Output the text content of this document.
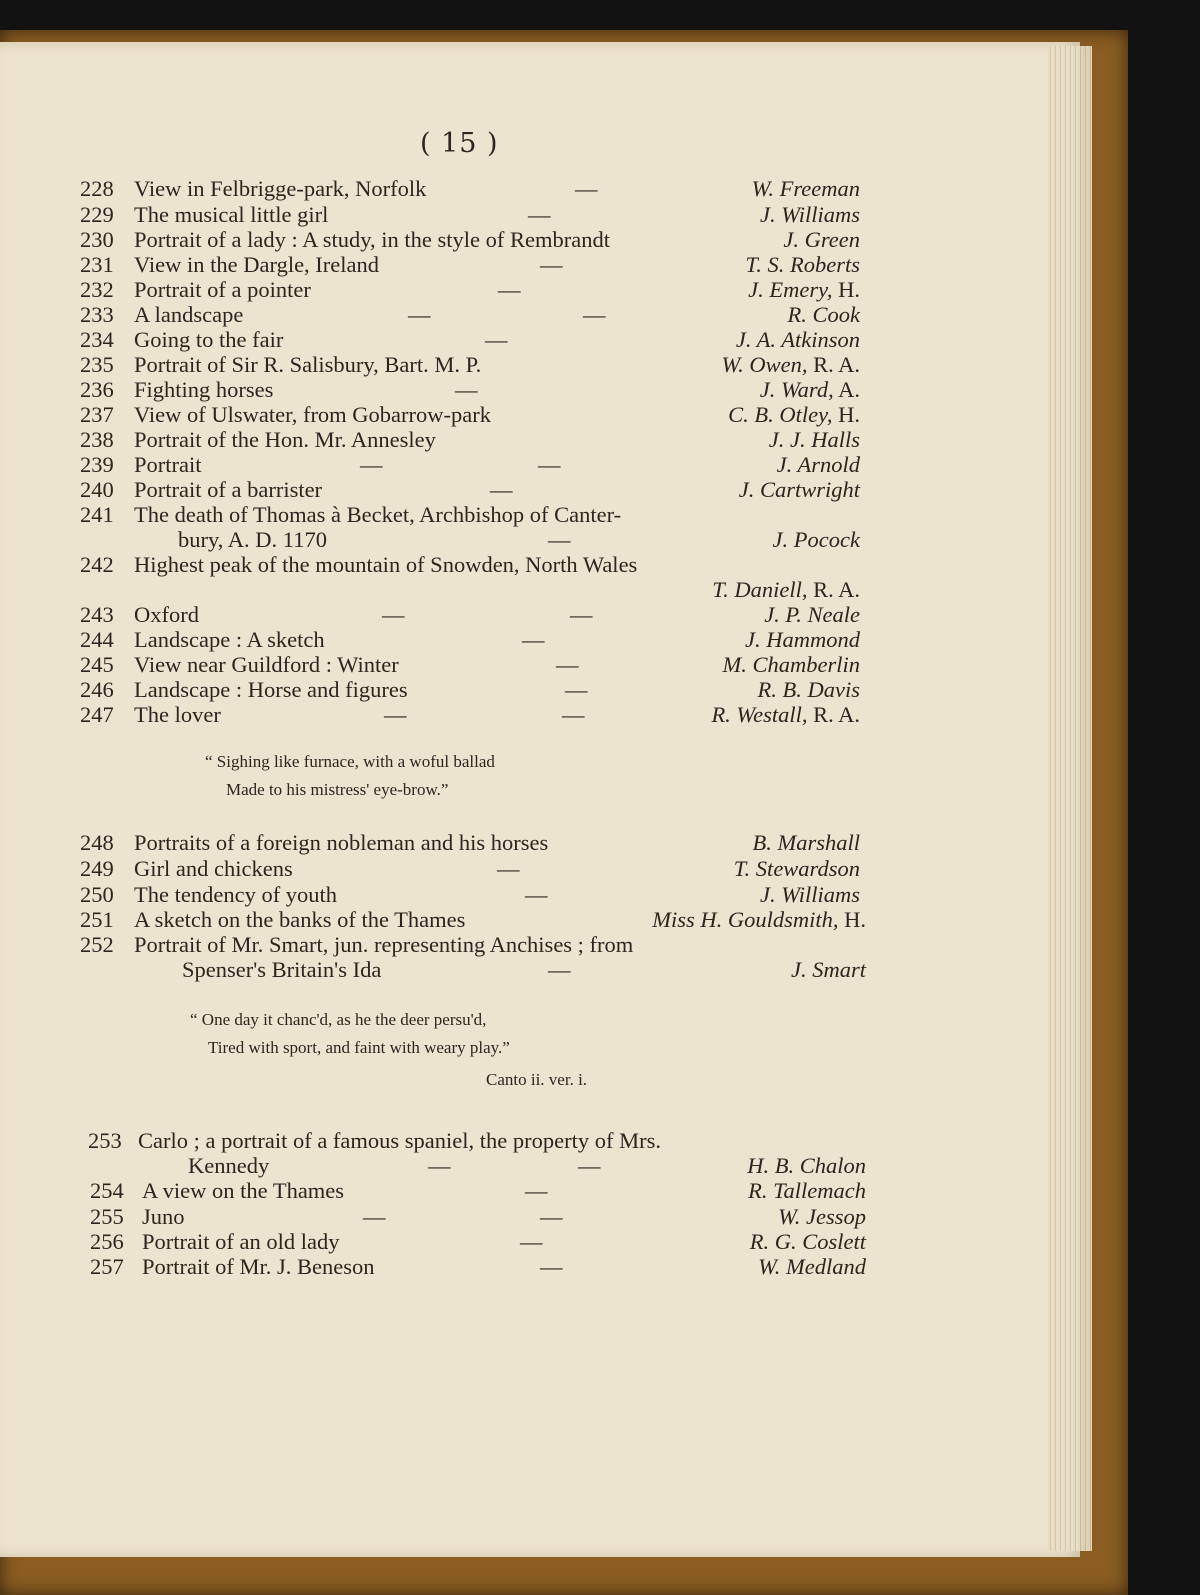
( 15 )
228 View in Felbrigge-park, Norfolk	—	W. Freeman
229 The musical little girl	—	J. Williams
230 Portrait of a lady : A study, in the style of Rembrandt	J. Green
231 View in the Dargle, Ireland	—	T. S. Roberts
232 Portrait of a pointer	—	J. Emery, H.
233 A landscape	—	—	R. Cook
234 Going to the fair	—	J. A. Atkinson
235 Portrait of Sir R. Salisbury, Bart. M. P.	W. Owen, R. A.
236 Fighting horses	—	J. Ward, A.
237 View of Ulswater, from Gobarrow-park	C. B. Otley, H.
238 Portrait of the Hon. Mr. Annesley	J. J. Halls
239 Portrait	—	—	J. Arnold
240 Portrait of a barrister	—	J. Cartwright
241 The death of Thomas à Becket, Archbishop of Canter-
bury, A. D. 1170	—	J. Pocock
242 Highest peak of the mountain of Snowden, North Wales
T. Daniell, R. A.
243 Oxford	—	—	J. P. Neale
244 Landscape : A sketch	—	J. Hammond
245 View near Guildford : Winter	—	M. Chamberlin
246 Landscape : Horse and figures	—	R. B. Davis
247 The lover	—	—	R. Westall, R. A.
248 Portraits of a foreign nobleman and his horses	B. Marshall
249 Girl and chickens	—	T. Stewardson
250 The tendency of youth	—	J. Williams
251 A sketch on the banks of the Thames	Miss H. Gouldsmith, H.
252 Portrait of Mr. Smart, jun. representing Anchises ; from
Spenser's Britain's Ida	—	J. Smart
253 Carlo ; a portrait of a famous spaniel, the property of Mrs.
Kennedy	—	—	H. B. Chalon
254 A view on the Thames	—	R. Tallemach
255 Juno	—	—	W. Jessop
256 Portrait of an old lady	—	R. G. Coslett
257 Portrait of Mr. J. Beneson	—	W. Medland
“ Sighing like furnace, with a woful ballad
Made to his mistress' eye-brow.”
“ One day it chanc'd, as he the deer persu'd,
Tired with sport, and faint with weary play.”
Canto ii. ver. i.
